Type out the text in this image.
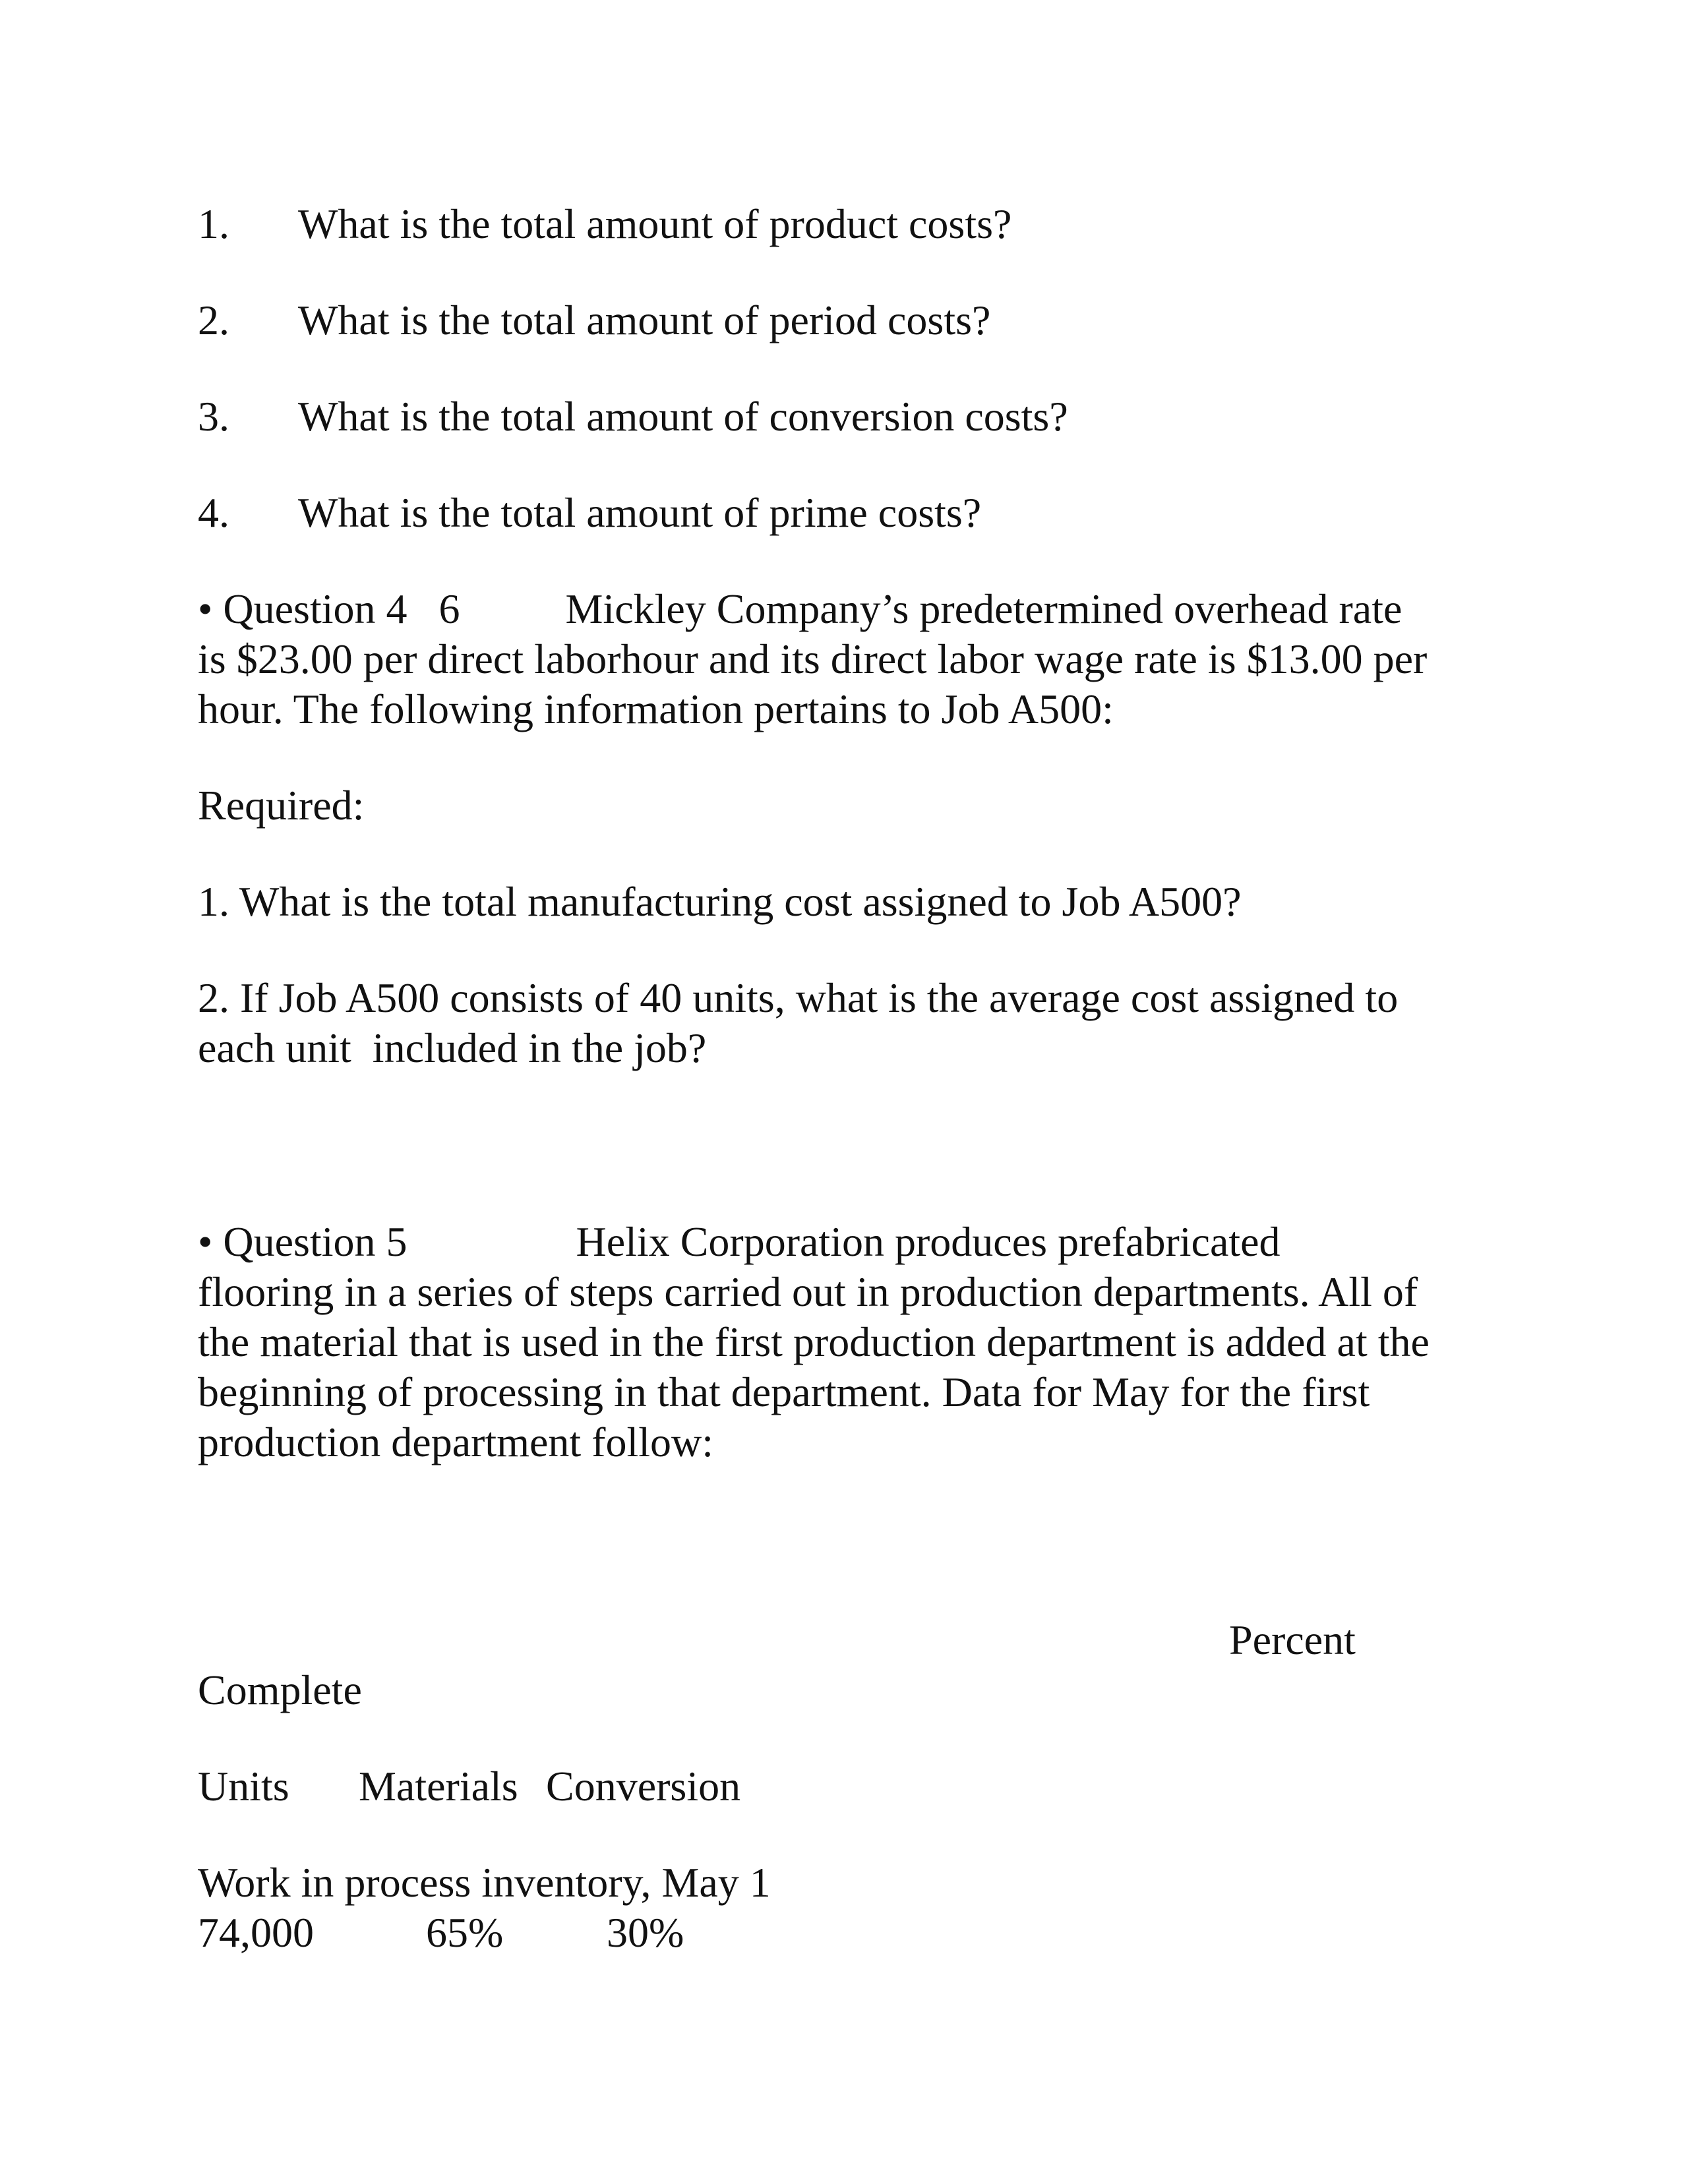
1. What is the total amount of product costs?
2. What is the total amount of period costs?
3. What is the total amount of conversion costs?
4. What is the total amount of prime costs?
• Question 4   6          Mickley Company’s predetermined overhead rate
is $23.00 per direct laborhour and its direct labor wage rate is $13.00 per
hour. The following information pertains to Job A500:
Required:
1. What is the total manufacturing cost assigned to Job A500?
2. If Job A500 consists of 40 units, what is the average cost assigned to
each unit  included in the job?
• Question 5                Helix Corporation produces prefabricated
flooring in a series of steps carried out in production departments. All of
the material that is used in the first production department is added at the
beginning of processing in that department. Data for May for the first
production department follow:
Percent
Complete
Units Materials Conversion
Work in process inventory, May 1
74,000	65% 30%
